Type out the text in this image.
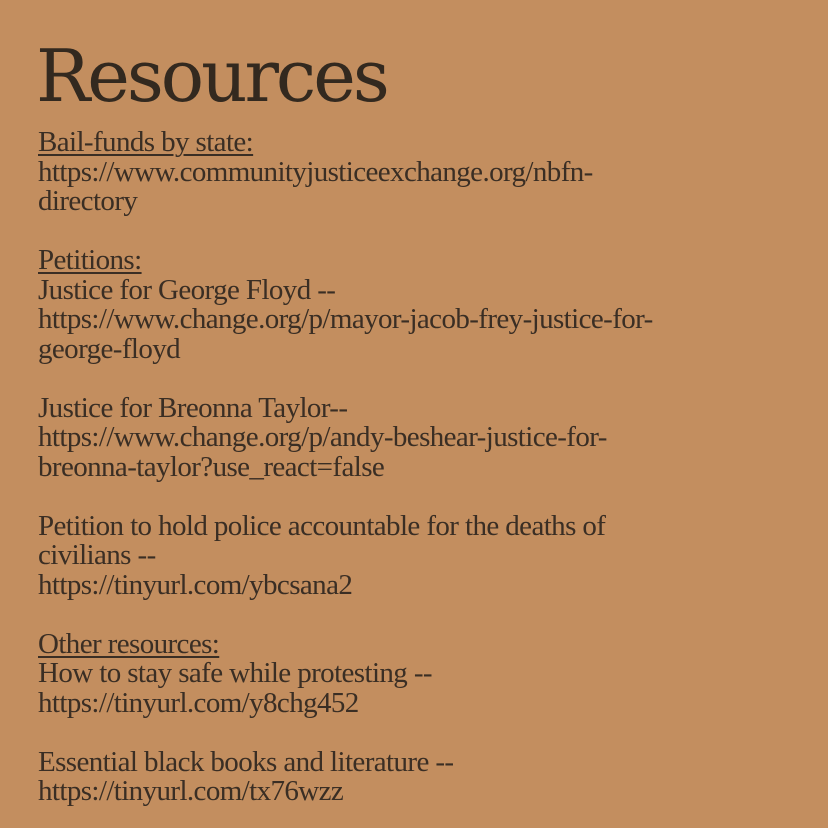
Resources
Bail-funds by state:
https://www.communityjusticeexchange.org/nbfn-
directory
Petitions:
Justice for George Floyd --
https://www.change.org/p/mayor-jacob-frey-justice-for-
george-floyd
Justice for Breonna Taylor--
https://www.change.org/p/andy-beshear-justice-for-
breonna-taylor?use_react=false
Petition to hold police accountable for the deaths of
civilians --
https://tinyurl.com/ybcsana2
Other resources:
How to stay safe while protesting --
https://tinyurl.com/y8chg452
Essential black books and literature --
https://tinyurl.com/tx76wzz
